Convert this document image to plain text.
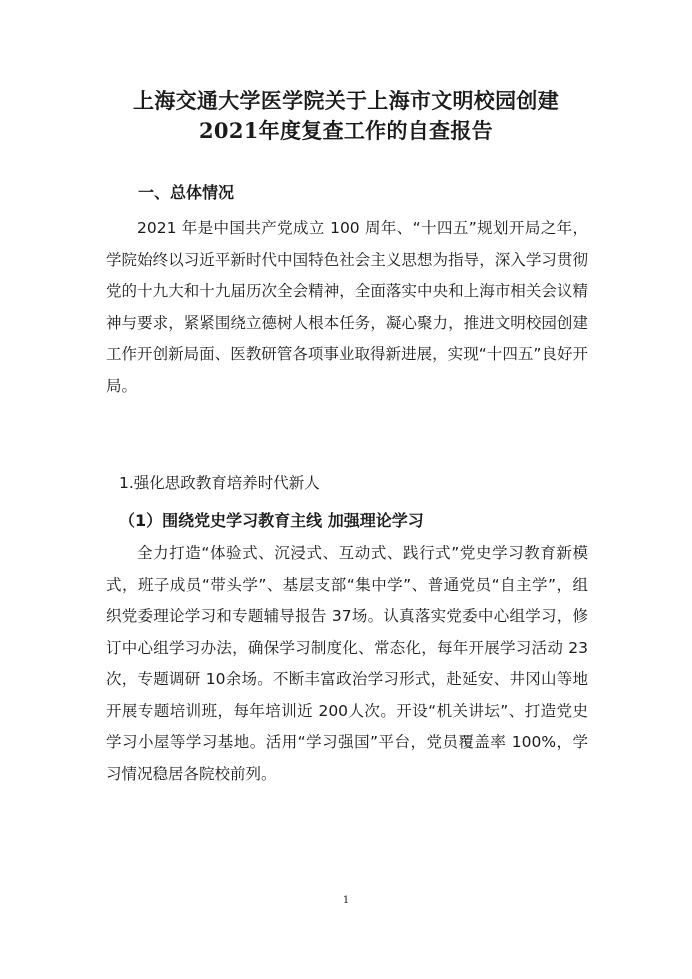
上海交通大学医学院关于上海市文明校园创建
2021年度复查工作的自查报告
一、总体情况

2021 年是中国共产党成立 100 周年、“十四五”规划开局之年，学院始终以习近平新时代中国特色社会主义思想为指导，深入学习贯彻党的十九大和十九届历次全会精神，全面落实中央和上海市相关会议精神与要求，紧紧围绕立德树人根本任务，凝心聚力，推进文明校园创建工作开创新局面、医教研管各项事业取得新进展，实现“十四五”良好开局。

1.强化思政教育培养时代新人
（1）围绕党史学习教育主线 加强理论学习

全力打造“体验式、沉浸式、互动式、践行式”党史学习教育新模式，班子成员“带头学”、基层支部“集中学”、普通党员“自主学”，组织党委理论学习和专题辅导报告 37场。认真落实党委中心组学习，修订中心组学习办法，确保学习制度化、常态化，每年开展学习活动 23次，专题调研 10余场。不断丰富政治学习形式，赴延安、井冈山等地开展专题培训班，每年培训近 200人次。开设“机关讲坛”、打造党史学习小屋等学习基地。活用“学习强国”平台，党员覆盖率 100%，学习情况稳居各院校前列。

1
